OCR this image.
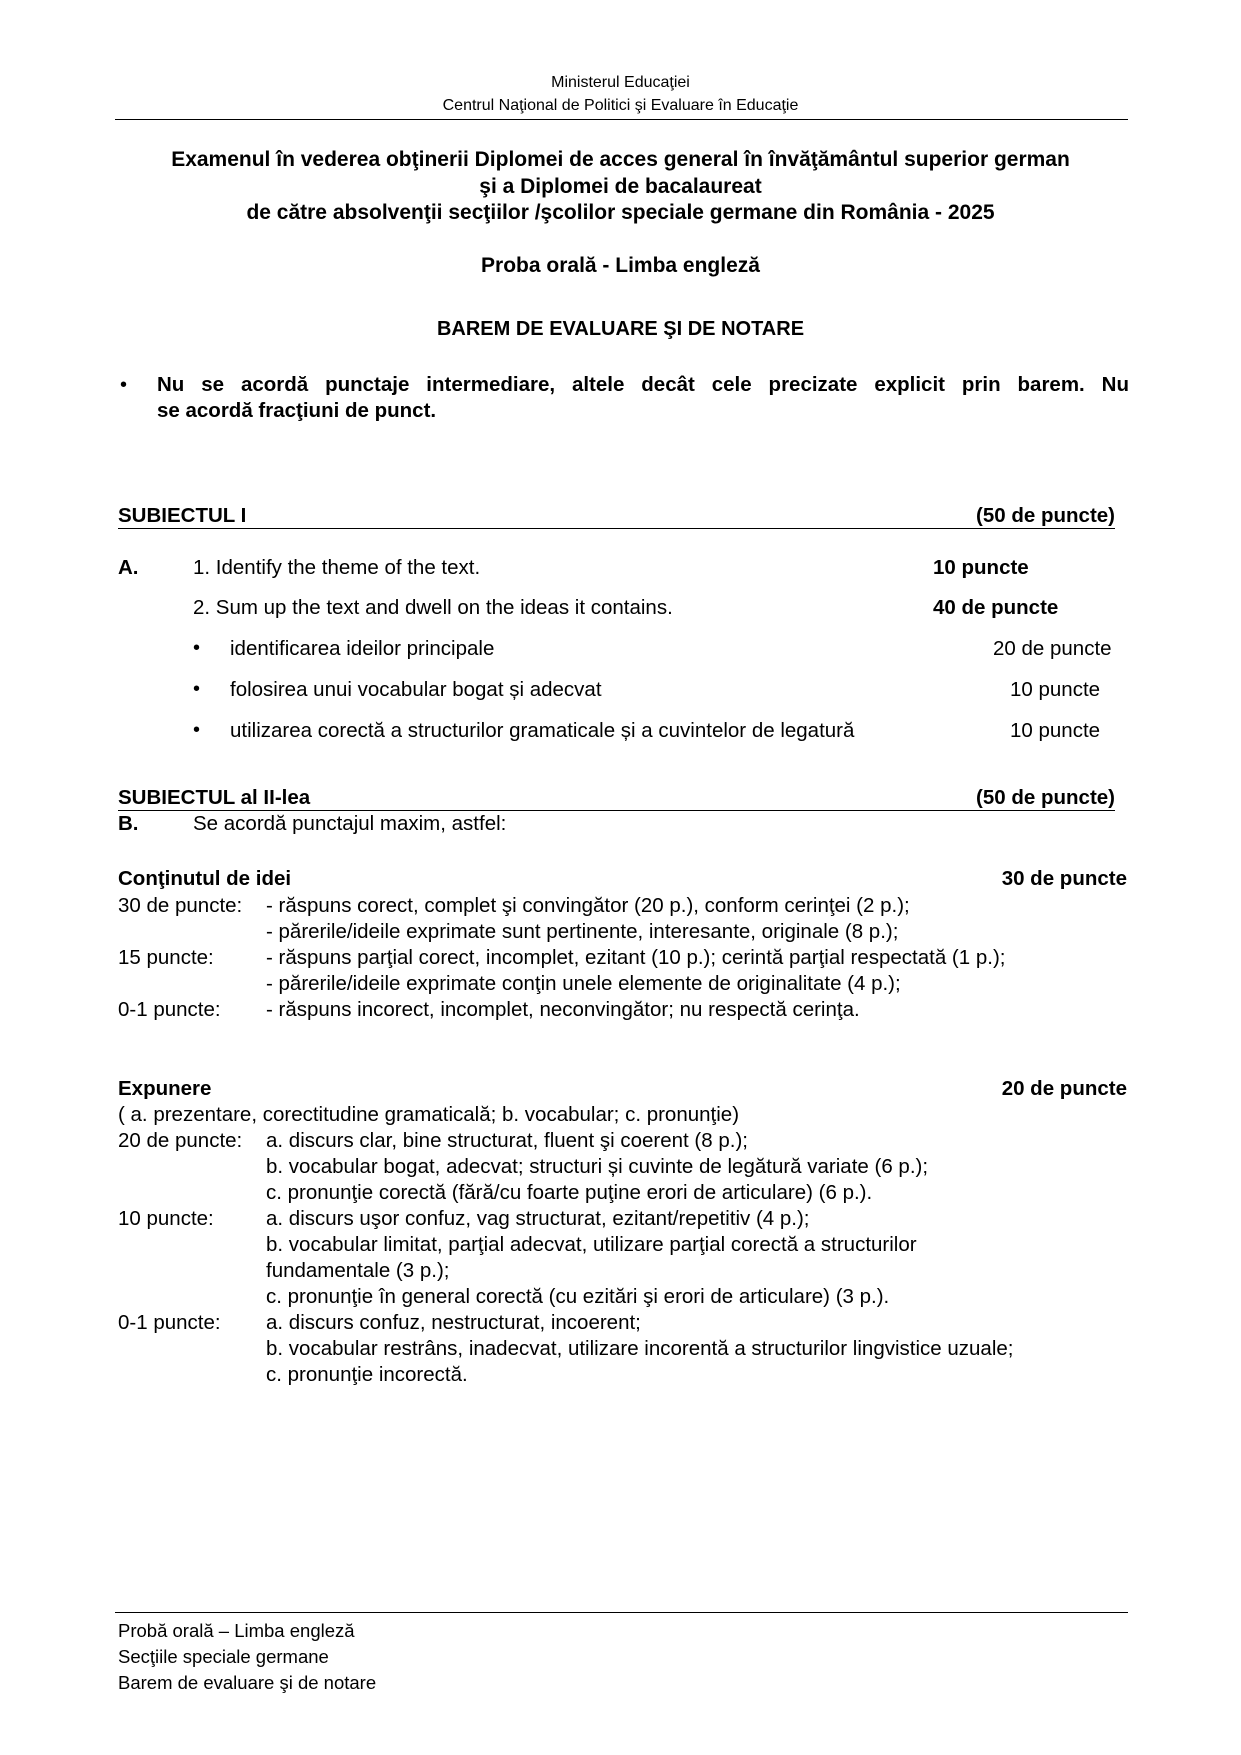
Ministerul Educaţiei
Centrul Naţional de Politici şi Evaluare în Educaţie
Examenul în vederea obţinerii Diplomei de acces general în învăţământul superior german
şi a Diplomei de bacalaureat
de către absolvenţii secţiilor /şcolilor speciale germane din România - 2025
Proba orală - Limba engleză
BAREM DE EVALUARE ŞI DE NOTARE
• Nu se acordă punctaje intermediare, altele decât cele precizate explicit prin barem. Nu
se acordă fracţiuni de punct.
SUBIECTUL I	(50 de puncte)
A.	1. Identify the theme of the text.	10 puncte
2. Sum up the text and dwell on the ideas it contains.	40 de puncte
• identificarea ideilor principale	20 de puncte
• folosirea unui vocabular bogat și adecvat	10 puncte
• utilizarea corectă a structurilor gramaticale și a cuvintelor de legatură	10 puncte
SUBIECTUL al II-lea	(50 de puncte)
B.	Se acordă punctajul maxim, astfel:
Conţinutul de idei	30 de puncte
30 de puncte: - răspuns corect, complet şi convingător (20 p.), conform cerinţei (2 p.);
- părerile/ideile exprimate sunt pertinente, interesante, originale (8 p.);
15 puncte:	- răspuns parţial corect, incomplet, ezitant (10 p.); cerintă parţial respectată (1 p.);
- părerile/ideile exprimate conţin unele elemente de originalitate (4 p.);
0-1 puncte: - răspuns incorect, incomplet, neconvingător; nu respectă cerinţa.
Expunere	20 de puncte
( a. prezentare, corectitudine gramaticală; b. vocabular; c. pronunţie)
20 de puncte: a. discurs clar, bine structurat, fluent şi coerent (8 p.);
b. vocabular bogat, adecvat; structuri și cuvinte de legătură variate (6 p.);
c. pronunţie corectă (fără/cu foarte puţine erori de articulare) (6 p.).
10 puncte:	a. discurs uşor confuz, vag structurat, ezitant/repetitiv (4 p.);
b. vocabular limitat, parţial adecvat, utilizare parţial corectă a structurilor
fundamentale (3 p.);
c. pronunţie în general corectă (cu ezitări şi erori de articulare) (3 p.).
0-1 puncte: a. discurs confuz, nestructurat, incoerent;
b. vocabular restrâns, inadecvat, utilizare incorentă a structurilor lingvistice uzuale;
c. pronunţie incorectă.
Probă orală – Limba engleză
Secţiile speciale germane
Barem de evaluare şi de notare
